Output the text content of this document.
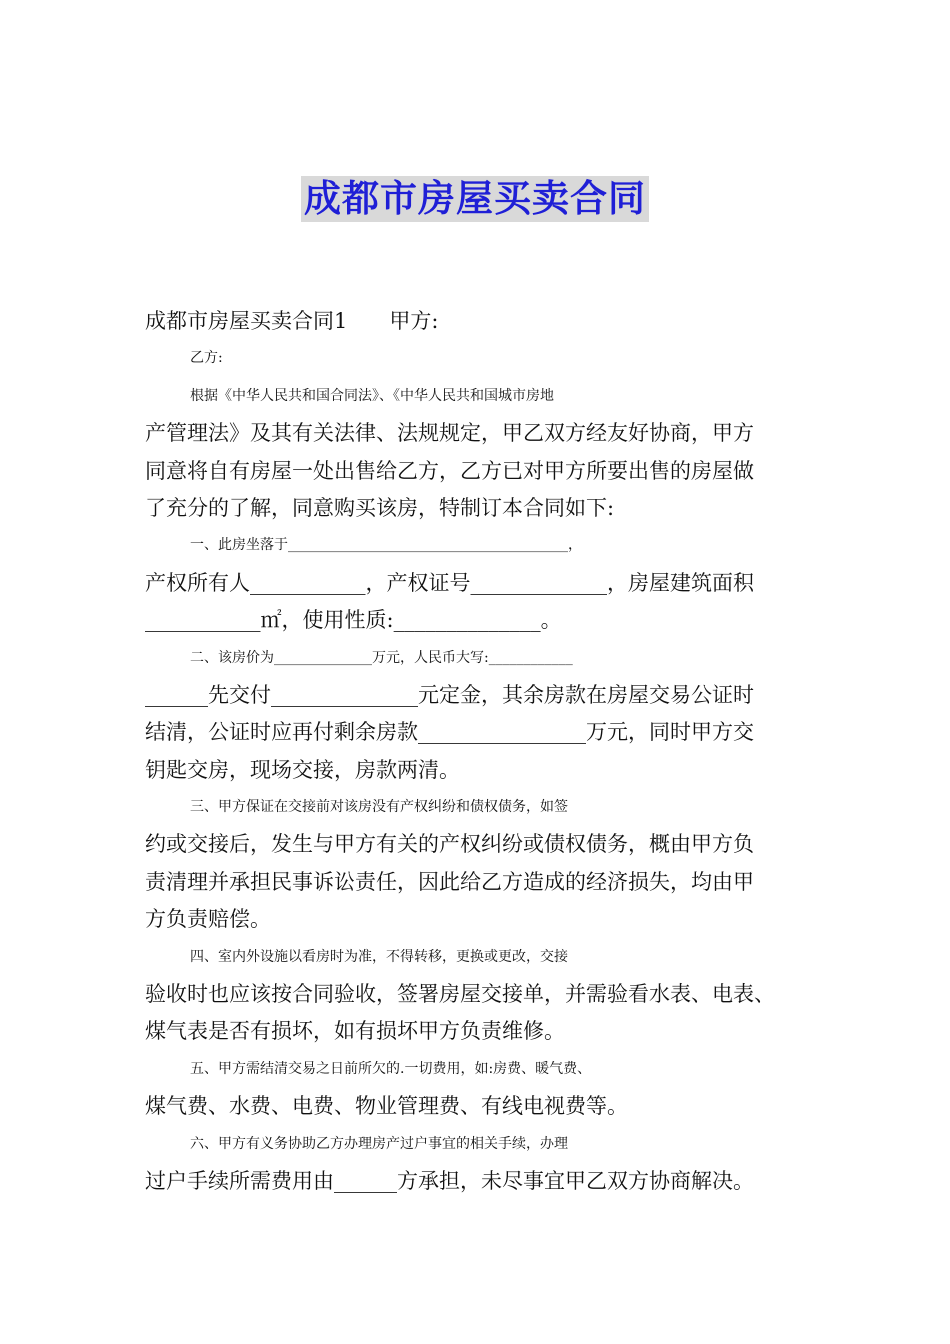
成都市房屋买卖合同
成都市房屋买卖合同1　　甲方:
乙方:
根据《中华人民共和国合同法》、《中华人民共和国城市房地
产管理法》及其有关法律、法规规定，甲乙双方经友好协商，甲方
同意将自有房屋一处出售给乙方，乙方已对甲方所要出售的房屋做
了充分的了解，同意购买该房，特制订本合同如下:
一、此房坐落于________________________________________，
产权所有人___________，产权证号_____________，房屋建筑面积
___________㎡，使用性质:______________。
二、该房价为______________万元，人民币大写:____________
______先交付______________元定金，其余房款在房屋交易公证时
结清，公证时应再付剩余房款________________万元，同时甲方交
钥匙交房，现场交接，房款两清。
三、甲方保证在交接前对该房没有产权纠纷和债权债务，如签
约或交接后，发生与甲方有关的产权纠纷或债权债务，概由甲方负
责清理并承担民事诉讼责任，因此给乙方造成的经济损失，均由甲
方负责赔偿。
四、室内外设施以看房时为准，不得转移，更换或更改，交接
验收时也应该按合同验收，签署房屋交接单，并需验看水表、电表、
煤气表是否有损坏，如有损坏甲方负责维修。
五、甲方需结清交易之日前所欠的.一切费用，如:房费、暖气费、
煤气费、水费、电费、物业管理费、有线电视费等。
六、甲方有义务协助乙方办理房产过户事宜的相关手续，办理
过户手续所需费用由______方承担，未尽事宜甲乙双方协商解决。
